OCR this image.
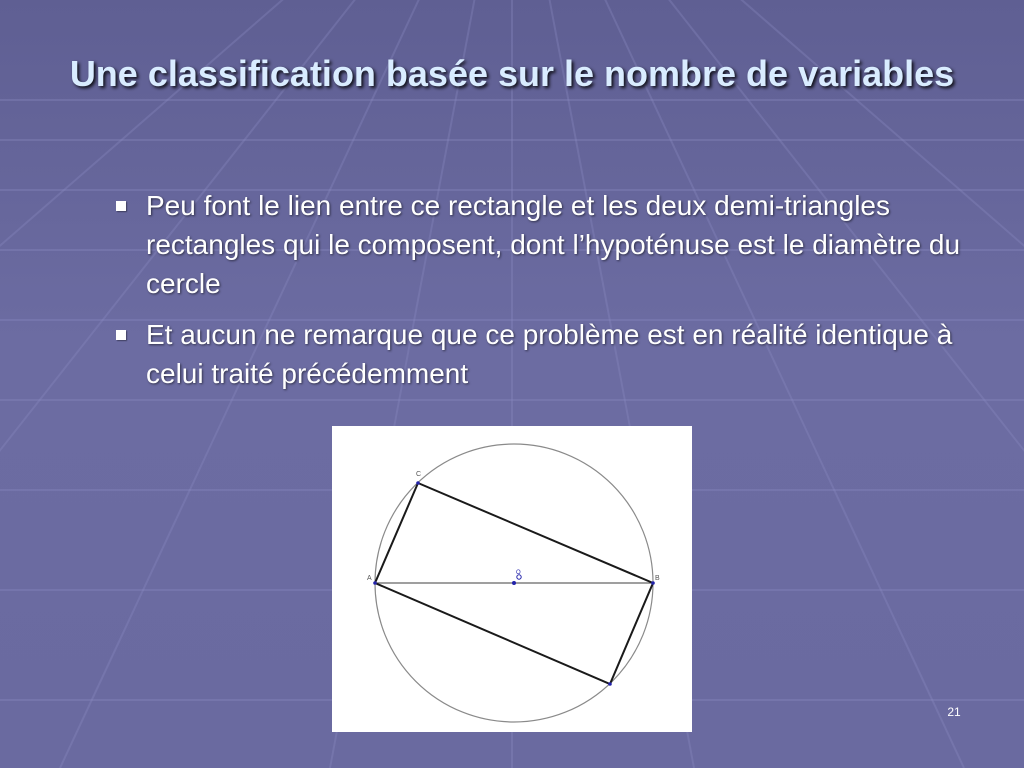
Une classification basée sur le nombre de variables
Peu font le lien entre ce rectangle et les deux demi-triangles rectangles qui le composent, dont l’hypoténuse est le diamètre du cercle
Et aucun ne remarque que ce problème est en réalité identique à celui traité précédemment
A	B
C
O
21
